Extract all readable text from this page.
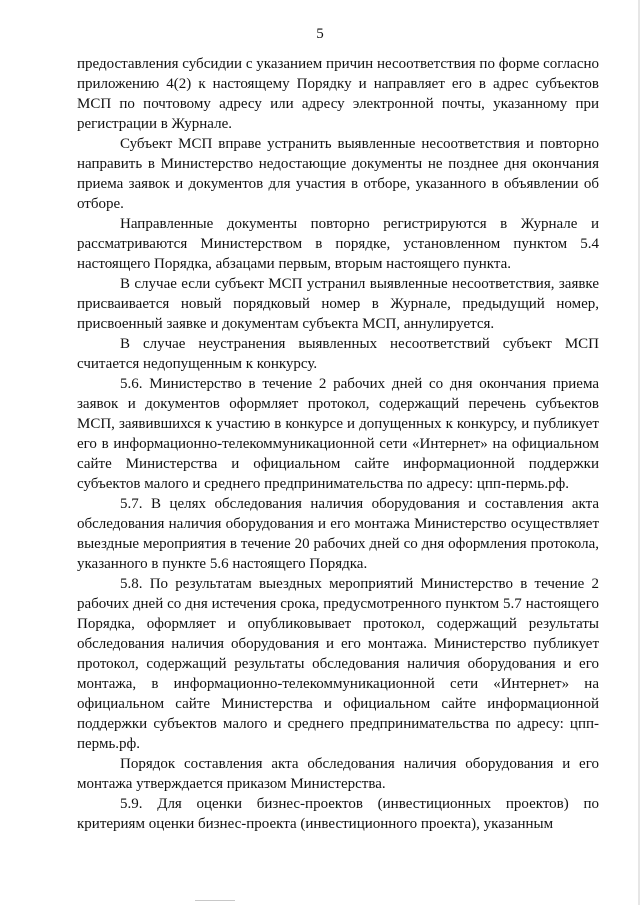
5

предоставления субсидии с указанием причин несоответствия по форме согласно приложению 4(2) к настоящему Порядку и направляет его в адрес субъектов МСП по почтовому адресу или адресу электронной почты, указанному при регистрации в Журнале.

Субъект МСП вправе устранить выявленные несоответствия и повторно направить в Министерство недостающие документы не позднее дня окончания приема заявок и документов для участия в отборе, указанного в объявлении об отборе.

Направленные документы повторно регистрируются в Журнале и рассматриваются Министерством в порядке, установленном пунктом 5.4 настоящего Порядка, абзацами первым, вторым настоящего пункта.

В случае если субъект МСП устранил выявленные несоответствия, заявке присваивается новый порядковый номер в Журнале, предыдущий номер, присвоенный заявке и документам субъекта МСП, аннулируется.

В случае неустранения выявленных несоответствий субъект МСП считается недопущенным к конкурсу.

5.6. Министерство в течение 2 рабочих дней со дня окончания приема заявок и документов оформляет протокол, содержащий перечень субъектов МСП, заявившихся к участию в конкурсе и допущенных к конкурсу, и публикует его в информационно-телекоммуникационной сети «Интернет» на официальном сайте Министерства и официальном сайте информационной поддержки субъектов малого и среднего предпринимательства по адресу: цпп-пермь.рф.

5.7. В целях обследования наличия оборудования и составления акта обследования наличия оборудования и его монтажа Министерство осуществляет выездные мероприятия в течение 20 рабочих дней со дня оформления протокола, указанного в пункте 5.6 настоящего Порядка.

5.8. По результатам выездных мероприятий Министерство в течение 2 рабочих дней со дня истечения срока, предусмотренного пунктом 5.7 настоящего Порядка, оформляет и опубликовывает протокол, содержащий результаты обследования наличия оборудования и его монтажа. Министерство публикует протокол, содержащий результаты обследования наличия оборудования и его монтажа, в информационно-телекоммуникационной сети «Интернет» на официальном сайте Министерства и официальном сайте информационной поддержки субъектов малого и среднего предпринимательства по адресу: цпп-пермь.рф.

Порядок составления акта обследования наличия оборудования и его монтажа утверждается приказом Министерства.

5.9. Для оценки бизнес-проектов (инвестиционных проектов) по критериям оценки бизнес-проекта (инвестиционного проекта), указанным
